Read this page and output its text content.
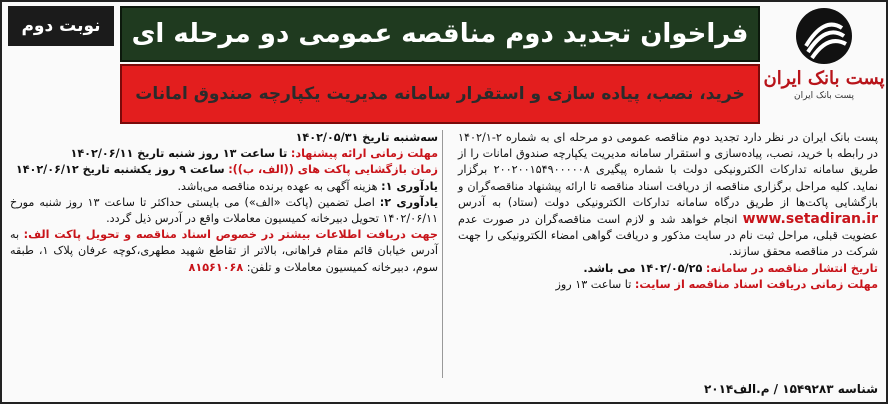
نوبت دوم فراخوان تجدید دوم مناقصه عمومی دو مرحله ای
خرید، نصب، پیاده سازی و استقرار سامانه مدیریت یکپارچه صندوق امانات
پست بانک ایران
پست بانک ایران

پست بانک ایران در نظر دارد تجدید دوم مناقصه عمومی دو مرحله ای به شماره ۲-۱۴۰۲/۱ در رابطه با خرید، نصب، پیاده‌سازی و استقرار سامانه مدیریت یکپارچه صندوق امانات را از طریق سامانه تدارکات الکترونیکی دولت با شماره پیگیری ۲۰۰۲۰۰۱۵۴۹۰۰۰۰۰۸ برگزار نماید. کلیه مراحل برگزاری مناقصه از دریافت اسناد مناقصه تا ارائه پیشنهاد مناقصه‌گران و بازگشایی پاکت‌ها از طریق درگاه سامانه تدارکات الکترونیکی دولت (ستاد) به آدرس www.setadiran.ir انجام خواهد شد و لازم است مناقصه‌گران در صورت عدم عضویت قبلی، مراحل ثبت نام در سایت مذکور و دریافت گواهی امضاء الکترونیکی را جهت شرکت در مناقصه محقق سازند.

تاریخ انتشار مناقصه در سامانه: ۱۴۰۲/۰۵/۲۵ می باشد.

مهلت زمانی دریافت اسناد مناقصه از سایت: تا ساعت ۱۳ روز

سه‌شنبه تاریخ ۱۴۰۲/۰۵/۳۱

مهلت زمانی ارائه پیشنهاد: تا ساعت ۱۳ روز شنبه تاریخ ۱۴۰۲/۰۶/۱۱

زمان بازگشایی پاکت های ((الف، ب)): ساعت ۹ روز یکشنبه تاریخ ۱۴۰۲/۰۶/۱۲

یادآوری ۱: هزینه آگهی به عهده برنده مناقصه می‌باشد.

یادآوری ۲: اصل تضمین (پاکت «الف») می بایستی حداکثر تا ساعت ۱۳ روز شنبه مورخ ۱۴۰۲/۰۶/۱۱ تحویل دبیرخانه کمیسیون معاملات واقع در آدرس ذیل گردد.

جهت دریافت اطلاعات بیشتر در خصوص اسناد مناقصه و تحویل پاکت الف: به آدرس خیابان قائم مقام فراهانی، بالاتر از تقاطع شهید مطهری،کوچه عرفان پلاک ۱، طبقه سوم، دبیرخانه کمیسیون معاملات و تلفن: ۸۱۵۶۱۰۶۸

شناسه ۱۵۴۹۲۸۳ / م.الف۲۰۱۴
